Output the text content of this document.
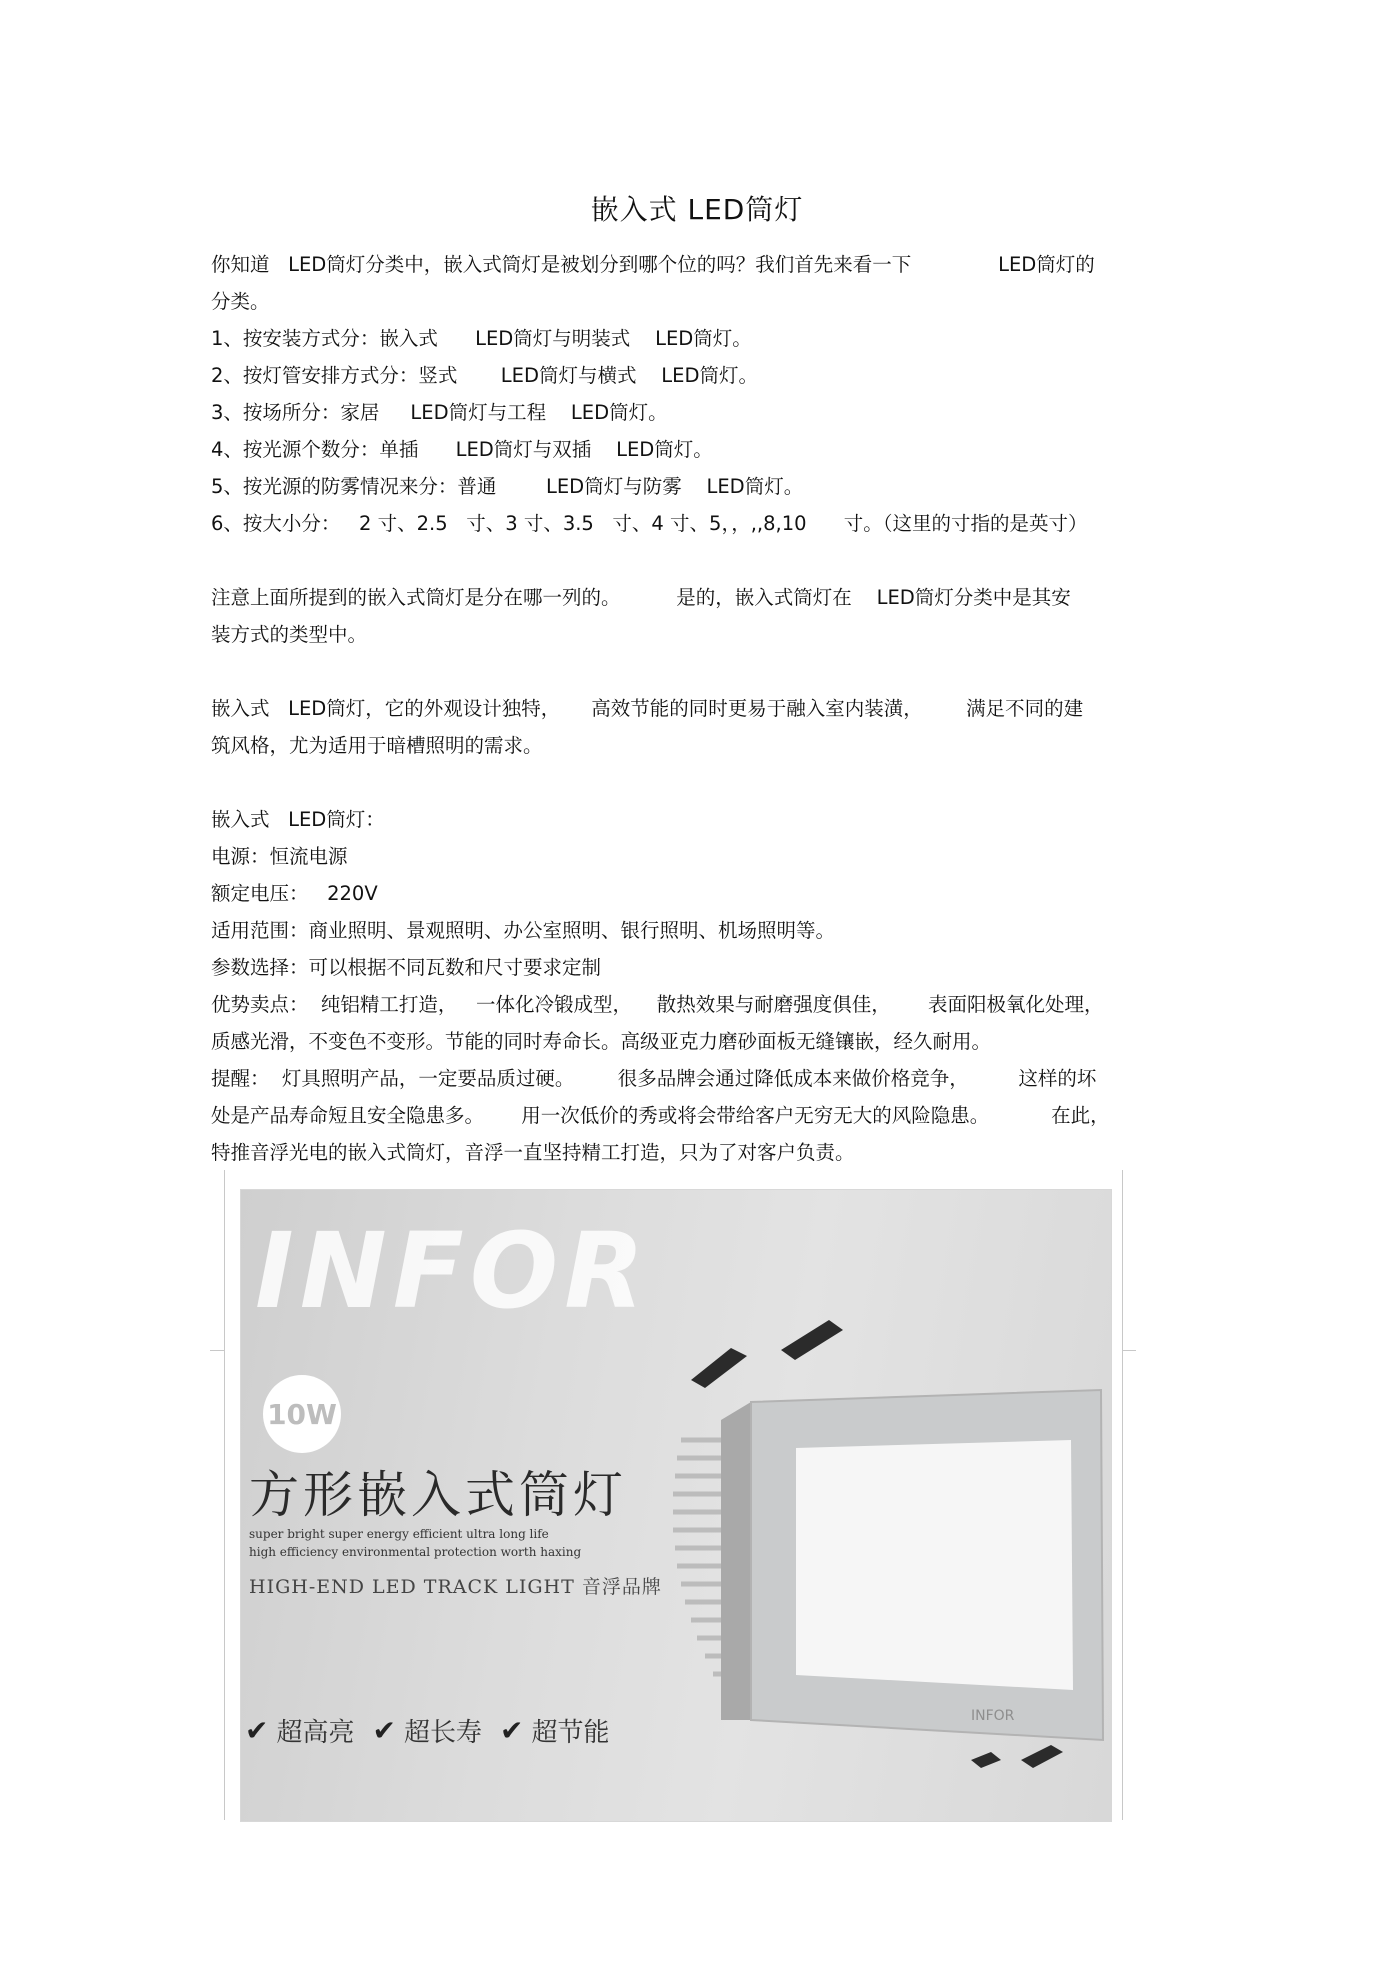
嵌入式 LED筒灯
你知道   LED筒灯分类中，嵌入式筒灯是被划分到哪个位的吗？我们首先来看一下              LED筒灯的
分类。
1、按安装方式分：嵌入式      LED筒灯与明装式    LED筒灯。
2、按灯管安排方式分：竖式       LED筒灯与横式    LED筒灯。
3、按场所分：家居     LED筒灯与工程    LED筒灯。
4、按光源个数分：单插      LED筒灯与双插    LED筒灯。
5、按光源的防雾情况来分：普通        LED筒灯与防雾    LED筒灯。
6、按大小分：   2 寸、2.5   寸、3 寸、3.5   寸、4 寸、5，，,,8,10      寸。（这里的寸指的是英寸）
注意上面所提到的嵌入式筒灯是分在哪一列的。         是的，嵌入式筒灯在    LED筒灯分类中是其安
装方式的类型中。
嵌入式   LED筒灯，它的外观设计独特，     高效节能的同时更易于融入室内装潢，       满足不同的建
筑风格，尤为适用于暗槽照明的需求。
嵌入式   LED筒灯：
电源：恒流电源
额定电压：   220V
适用范围：商业照明、景观照明、办公室照明、银行照明、机场照明等。
参数选择：可以根据不同瓦数和尺寸要求定制
优势卖点：  纯铝精工打造，   一体化冷锻成型，    散热效果与耐磨强度俱佳，      表面阳极氧化处理，
质感光滑，不变色不变形。节能的同时寿命长。高级亚克力磨砂面板无缝镶嵌，经久耐用。
提醒：  灯具照明产品，一定要品质过硬。       很多品牌会通过降低成本来做价格竞争，        这样的坏
处是产品寿命短且安全隐患多。      用一次低价的秀或将会带给客户无穷无大的风险隐患。          在此，
特推音浮光电的嵌入式筒灯，音浮一直坚持精工打造，只为了对客户负责。
INFOR
10W
方形嵌入式筒灯
super bright super energy efficient ultra long life
high efficiency environmental protection worth haxing
HIGH-END LED TRACK LIGHT 音浮品牌
INFOR
✔ 超高亮 ✔ 超长寿 ✔ 超节能
